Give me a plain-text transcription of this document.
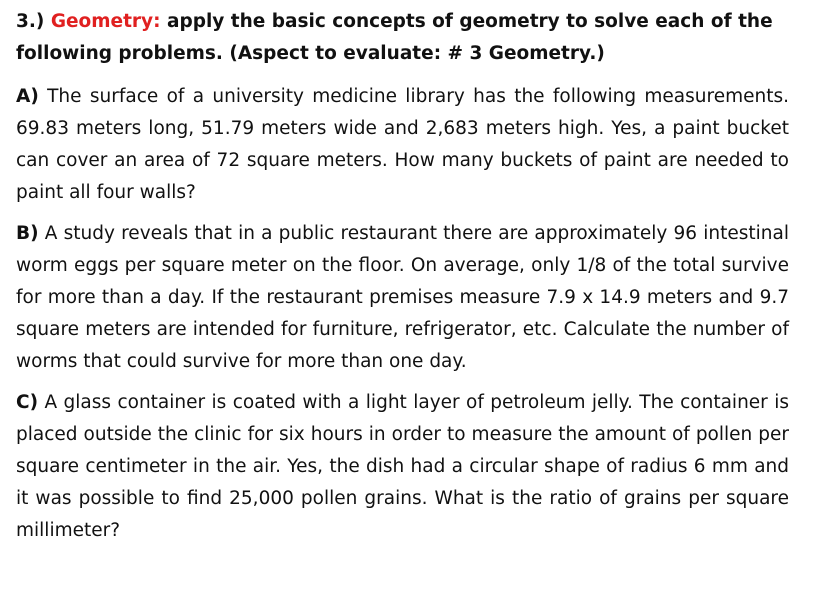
3.) Geometry: apply the basic concepts of geometry to solve each of the following problems. (Aspect to evaluate: # 3 Geometry.)

A) The surface of a university medicine library has the following measurements. 69.83 meters long, 51.79 meters wide and 2,683 meters high. Yes, a paint bucket can cover an area of 72 square meters. How many buckets of paint are needed to paint all four walls?

B) A study reveals that in a public restaurant there are approximately 96 intestinal worm eggs per square meter on the floor. On average, only 1/8 of the total survive for more than a day. If the restaurant premises measure 7.9 x 14.9 meters and 9.7 square meters are intended for furniture, refrigerator, etc. Calculate the number of worms that could survive for more than one day.

C) A glass container is coated with a light layer of petroleum jelly. The container is placed outside the clinic for six hours in order to measure the amount of pollen per square centimeter in the air. Yes, the dish had a circular shape of radius 6 mm and it was possible to find 25,000 pollen grains. What is the ratio of grains per square millimeter?
